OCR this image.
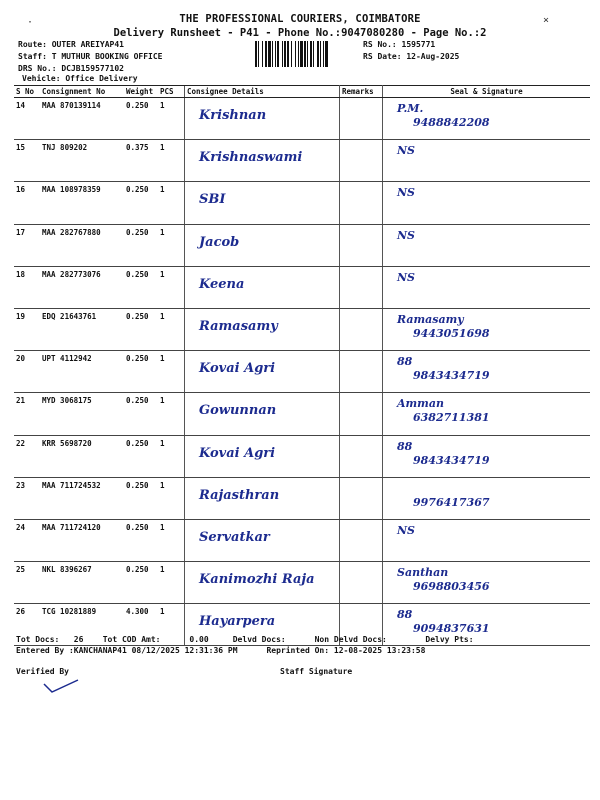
THE PROFESSIONAL COURIERS, COIMBATORE
Delivery Runsheet - P41 - Phone No.:9047080280 - Page No.:2
Route: OUTER AREIYAP41
Staff: T MUTHUR BOOKING OFFICE
DRS No.: DCJB159577102
Vehicle: Office Delivery
RS No.: 1595771
RS Date: 12-Aug-2025
S No	Consignment No	Weight	PCS	Consignee Details	Remarks	Seal & Signature
14	MAA 870139114	0.250	1	Krishnan		P.M.
9488842208

15	TNJ 809202	0.375	1	Krishnaswami		NS

16	MAA 108978359	0.250	1	SBI		NS

17	MAA 282767880	0.250	1	Jacob		NS

18	MAA 282773076	0.250	1	Keena		NS

19	EDQ 21643761	0.250	1	Ramasamy		Ramasamy
9443051698

20	UPT 4112942	0.250	1	Kovai Agri		88
9843434719

21	MYD 3068175	0.250	1	Gowunnan		Amman
6382711381

22	KRR 5698720	0.250	1	Kovai Agri		88
9843434719

23	MAA 711724532	0.250	1	Rajasthran		9976417367

24	MAA 711724120	0.250	1	Servatkar		NS

25	NKL 8396267	0.250	1	Kanimozhi Raja		Santhan
9698803456

26	TCG 10281889	4.300	1	Hayarpera		88
9094837631
Tot Docs:   26    Tot COD Amt:      0.00     Delvd Docs:      Non Delvd Docs:        Delvy Pts:
Entered By :KANCHANAP41 08/12/2025 12:31:36 PM      Reprinted On: 12-08-2025 13:23:58
Verified By	Staff Signature
×
·
